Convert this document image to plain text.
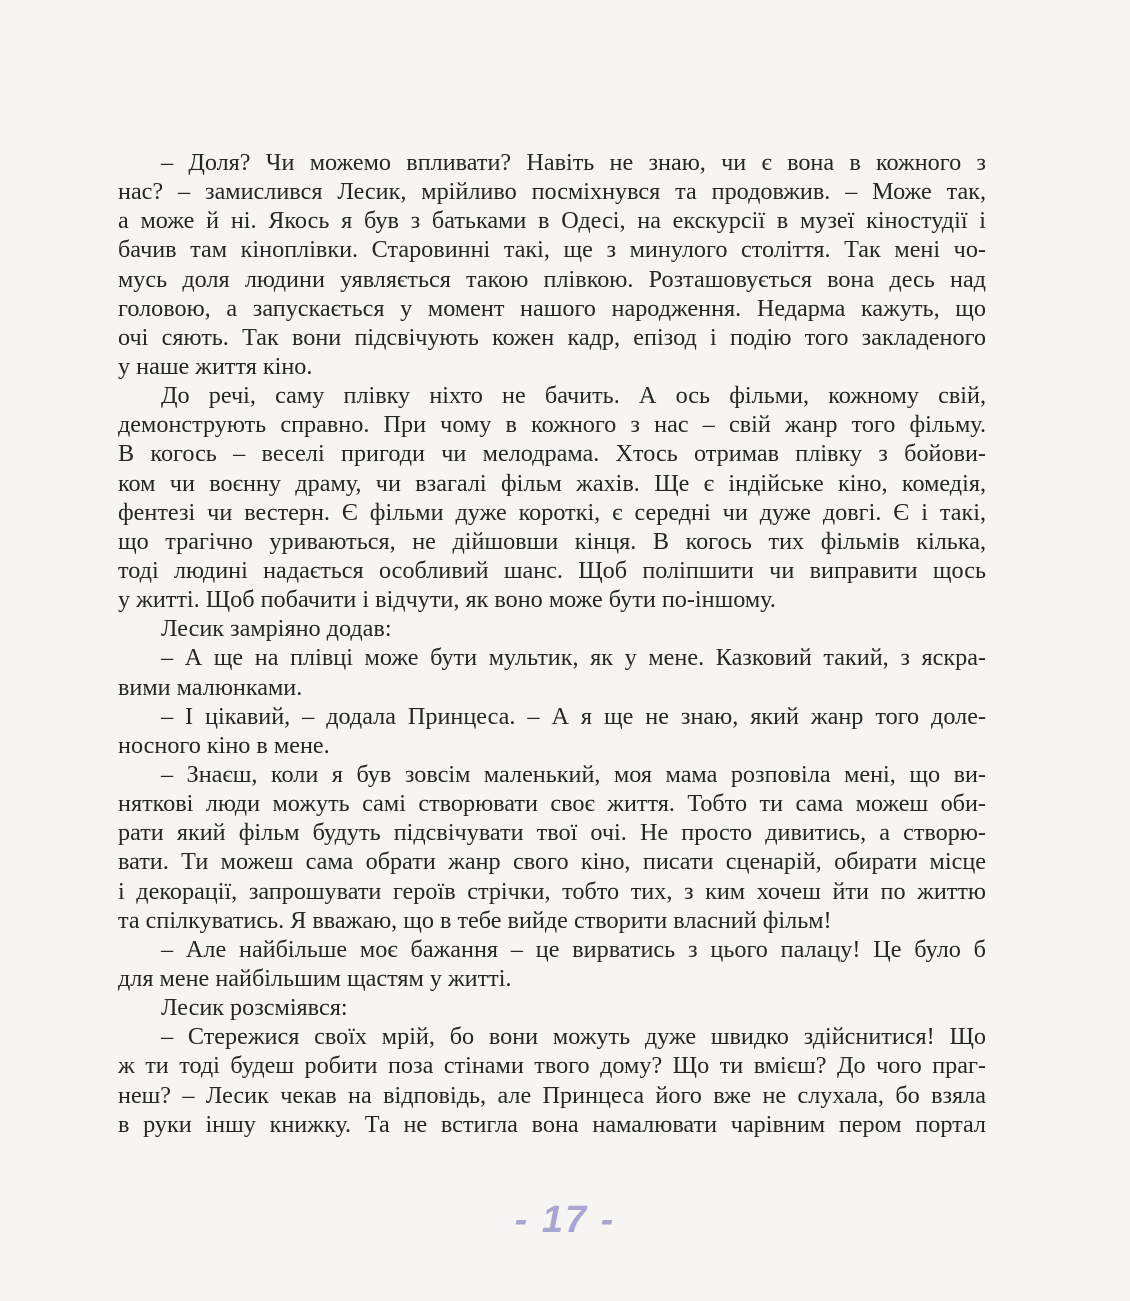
– Доля? Чи можемо впливати? Навіть не знаю, чи є вона в кожного з
нас? – замислився Лесик, мрійливо посміхнувся та продовжив. – Може так,
а може й ні. Якось я був з батьками в Одесі, на екскурсії в музеї кіностудії і
бачив там кіноплівки. Старовинні такі, ще з минулого століття. Так мені чо-
мусь доля людини уявляється такою плівкою. Розташовується вона десь над
головою, а запускається у момент нашого народження. Недарма кажуть, що
очі сяють. Так вони підсвічують кожен кадр, епізод і подію того закладеного
у наше життя кіно.
До речі, саму плівку ніхто не бачить. А ось фільми, кожному свій,
демонструють справно. При чому в кожного з нас – свій жанр того фільму.
В когось – веселі пригоди чи мелодрама. Хтось отримав плівку з бойови-
ком чи воєнну драму, чи взагалі фільм жахів. Ще є індійське кіно, комедія,
фентезі чи вестерн. Є фільми дуже короткі, є середні чи дуже довгі. Є і такі,
що трагічно уриваються, не дійшовши кінця. В когось тих фільмів кілька,
тоді людині надається особливий шанс. Щоб поліпшити чи виправити щось
у житті. Щоб побачити і відчути, як воно може бути по-іншому.
Лесик замріяно додав:
– А ще на плівці може бути мультик, як у мене. Казковий такий, з яскра-
вими малюнками.
– І цікавий, – додала Принцеса. – А я ще не знаю, який жанр того доле-
носного кіно в мене.
– Знаєш, коли я був зовсім маленький, моя мама розповіла мені, що ви-
няткові люди можуть самі створювати своє життя. Тобто ти сама можеш оби-
рати який фільм будуть підсвічувати твої очі. Не просто дивитись, а створю-
вати. Ти можеш сама обрати жанр свого кіно, писати сценарій, обирати місце
і декорації, запрошувати героїв стрічки, тобто тих, з ким хочеш йти по життю
та спілкуватись. Я вважаю, що в тебе вийде створити власний фільм!
– Але найбільше моє бажання – це вирватись з цього палацу! Це було б
для мене найбільшим щастям у житті.
Лесик розсміявся:
– Стережися своїх мрій, бо вони можуть дуже швидко здійснитися! Що
ж ти тоді будеш робити поза стінами твого дому? Що ти вмієш? До чого праг-
неш? – Лесик чекав на відповідь, але Принцеса його вже не слухала, бо взяла
в руки іншу книжку. Та не встигла вона намалювати чарівним пером портал
- 17 -
